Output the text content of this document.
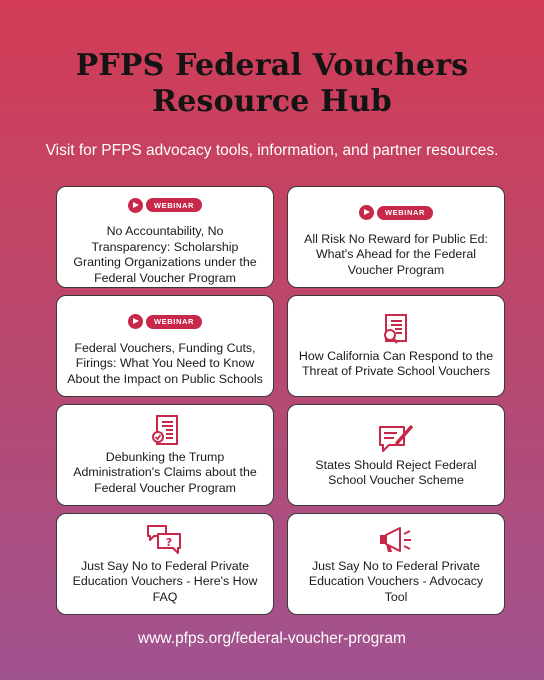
PFPS Federal Vouchers
Resource Hub
Visit for PFPS advocacy tools, information, and partner resources.
WEBINAR
No Accountability, No Transparency: Scholarship Granting Organizations under the Federal Voucher Program
WEBINAR
All Risk No Reward for Public Ed: What's Ahead for the Federal Voucher Program
WEBINAR
Federal Vouchers, Funding Cuts, Firings: What You Need to Know About the Impact on Public Schools
How California Can Respond to the Threat of Private School Vouchers
Debunking the Trump Administration's Claims about the Federal Voucher Program
States Should Reject Federal School Voucher Scheme
?
Just Say No to Federal Private Education Vouchers - Here's How FAQ
Just Say No to Federal Private Education Vouchers - Advocacy Tool
www.pfps.org/federal-voucher-program
